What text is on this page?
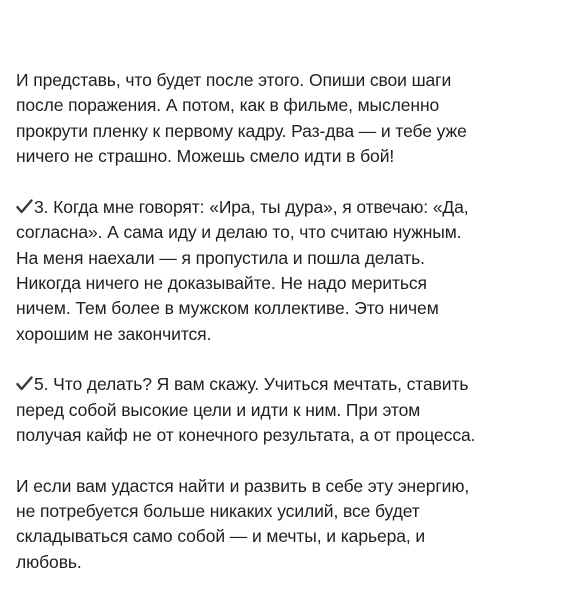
И представь, что будет после этого. Опиши свои шаги
после поражения. А потом, как в фильме, мысленно
прокрути пленку к первому кадру. Раз-два — и тебе уже
ничего не страшно. Можешь смело идти в бой!

3. Когда мне говорят: «Ира, ты дура», я отвечаю: «Да,
согласна». А сама иду и делаю то, что считаю нужным.
На меня наехали — я пропустила и пошла делать.
Никогда ничего не доказывайте. Не надо мериться
ничем. Тем более в мужском коллективе. Это ничем
хорошим не закончится.

5. Что делать? Я вам скажу. Учиться мечтать, ставить
перед собой высокие цели и идти к ним. При этом
получая кайф не от конечного результата, а от процесса.

И если вам удастся найти и развить в себе эту энергию,
не потребуется больше никаких усилий, все будет
складываться само собой — и мечты, и карьера, и
любовь.
